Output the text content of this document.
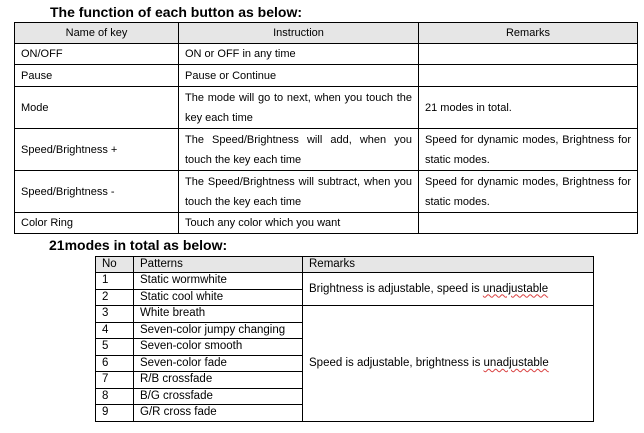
The function of each button as below:
Name of key	Instruction	Remarks
ON/OFF	ON or OFF in any time	
Pause	Pause or Continue	
Mode	The mode will go to next, when you touch the key each time	21 modes in total.
Speed/Brightness +	The Speed/Brightness will add, when you touch the key each time	Speed for dynamic modes, Brightness for static modes.
Speed/Brightness -	The Speed/Brightness will subtract, when you touch the key each time	Speed for dynamic modes, Brightness for static modes.
Color Ring	Touch any color which you want	
21modes in total as below:
No	Patterns	Remarks
1	Static wormwhite	Brightness is adjustable, speed is unadjustable
2	Static cool white	
3	White breath	Speed is adjustable, brightness is unadjustable
4	Seven-color jumpy changing	
5	Seven-color smooth	
6	Seven-color fade	
7	R/B crossfade	
8	B/G crossfade	
9	G/R cross fade	
